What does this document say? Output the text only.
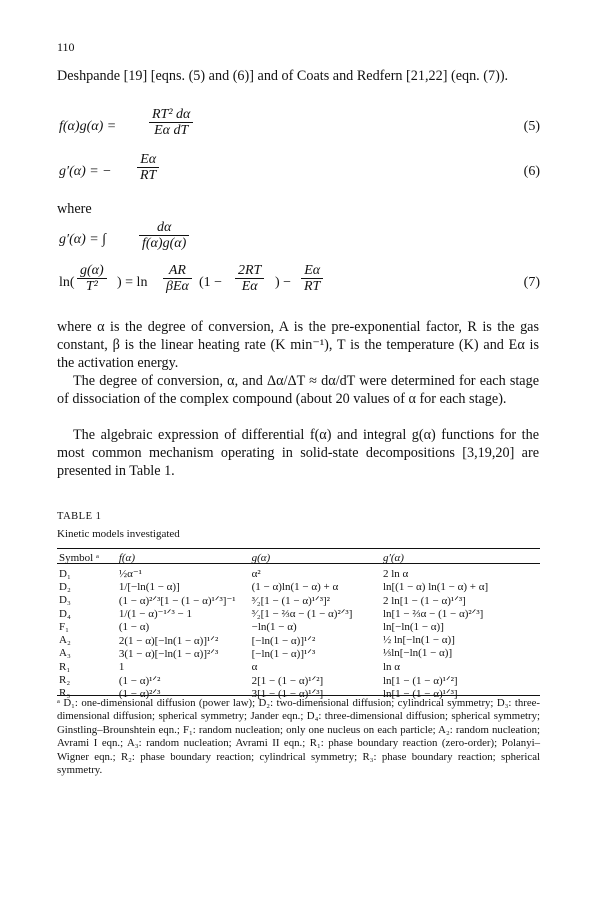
110
Deshpande [19] [eqns. (5) and (6)] and of Coats and Redfern [21,22] (eqn. (7)).
$f(\alpha)g(\alpha) = \frac{\text{RT² dα}}{\text{Eα dT}}$	(5)
g′(α) = − $\frac{E\alpha}{RT}$	(6)
where
g′(α) = ∫ $\frac{d\alpha}{f(\alpha)g(\alpha)}$
$\ln( \frac{g(\alpha)}{\text{T²}}$ ) = ln
AR
βEα ($1 - \frac{2RT}{E\alpha}$ ) − $\frac{E\alpha}{RT}$	(7)
where α is the degree of conversion, A is the pre-exponential factor, R is the gas constant, β is the linear heating rate (K min⁻¹), T is the temperature (K) and Eα is the activation energy.
The degree of conversion, α, and Δα/ΔT ≈ dα/dT were determined for each stage of dissociation of the complex compound (about 20 values of α for each stage).
The algebraic expression of differential f(α) and integral g(α) functions for the most common mechanism operating in solid-state decompositions [3,19,20] are presented in Table 1.
TABLE 1
Kinetic models investigated
Symbol ᵃ	f(α)	g(α)	g′(α)
D₁	½α⁻¹	α²	2 ln α
D₂	1/[−ln(1 − α)]	(1 − α)ln(1 − α) + α	ln[(1 − α) ln(1 − α) + α]
D₃	(1 − α)²ᐟ³[1 − (1 − α)¹ᐟ³]⁻¹	³⁄₂[1 − (1 − α)¹ᐟ³]²	2 ln[1 − (1 − α)¹ᐟ³]
D₄	1/(1 − α)⁻¹ᐟ³ − 1	³⁄₂[1 − ⅔α − (1 − α)²ᐟ³]	ln[1 − ⅔α − (1 − α)²ᐟ³]
F₁	(1 − α)	−ln(1 − α)	ln[−ln(1 − α)]
A₂	2(1 − α)[−ln(1 − α)]¹ᐟ²	[−ln(1 − α)]¹ᐟ²	½ ln[−ln(1 − α)]
A₃	3(1 − α)[−ln(1 − α)]²ᐟ³	[−ln(1 − α)]¹ᐟ³	⅓ln[−ln(1 − α)]
R₁	1	α	ln α
R₂	(1 − α)¹ᐟ²	2[1 − (1 − α)¹ᐟ²]	ln[1 − (1 − α)¹ᐟ²]
R₃	(1 − α)²ᐟ³	3[1 − (1 − α)¹ᐟ³]	ln[1 − (1 − α)¹ᐟ³]
ᵃ D₁: one-dimensional diffusion (power law); D₂: two-dimensional diffusion; cylindrical symmetry; D₃: three-dimensional diffusion; spherical symmetry; Jander eqn.; D₄: three-dimensional diffusion; spherical symmetry; Ginstling–Brounshtein eqn.; F₁: random nucleation; only one nucleus on each particle; A₂: random nucleation; Avrami I eqn.; A₃: random nucleation; Avrami II eqn.; R₁: phase boundary reaction (zero-order); Polanyi–Wigner eqn.; R₂: phase boundary reaction; cylindrical symmetry; R₃: phase boundary reaction; spherical symmetry.
